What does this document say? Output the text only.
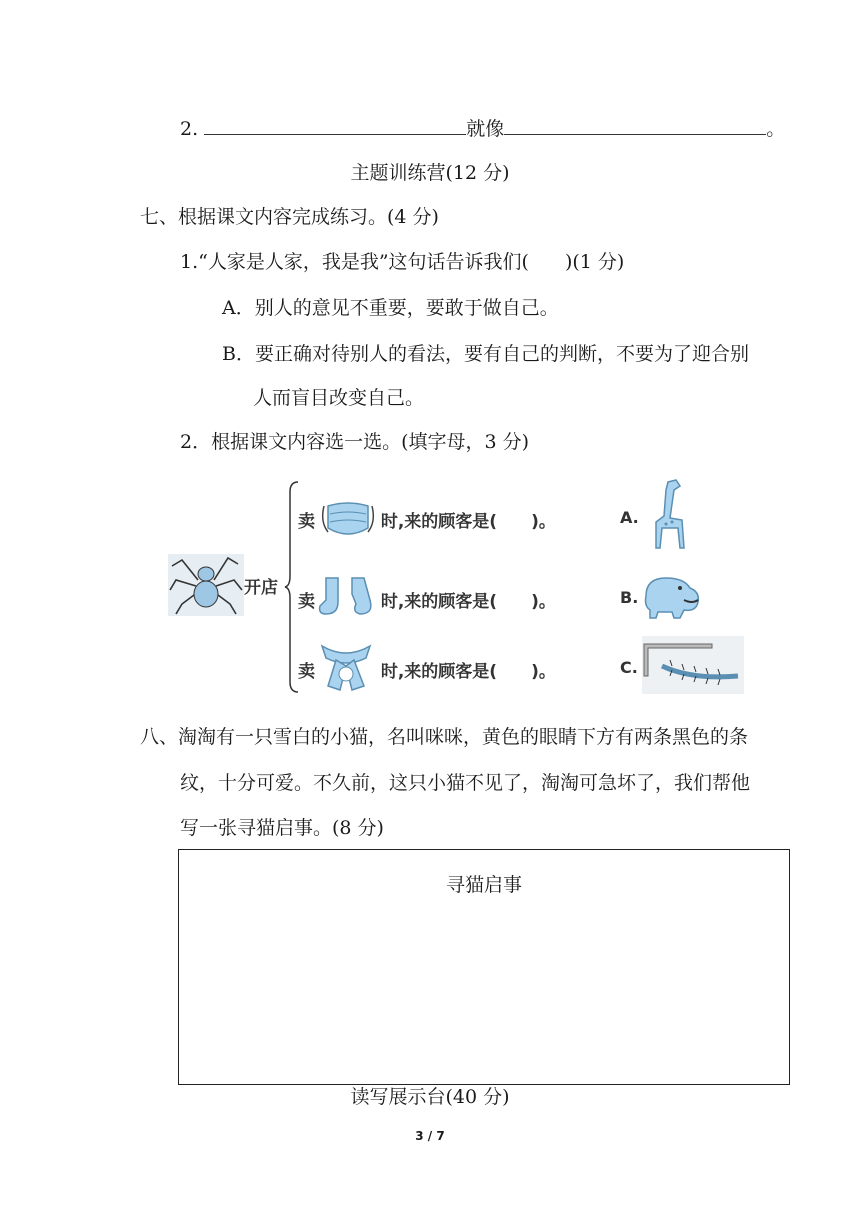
2.	就像	。
主题训练营(12 分)
七、根据课文内容完成练习。(4 分)
1.“人家是人家，我是我”这句话告诉我们( )(1 分)
A．别人的意见不重要，要敢于做自己。
B．要正确对待别人的看法，要有自己的判断，不要为了迎合别
人而盲目改变自己。
2．根据课文内容选一选。(填字母，3 分)
开店
卖	时,来的顾客是( )。
卖	时,来的顾客是( )。
卖	时,来的顾客是( )。
A.
B.
C.
八、淘淘有一只雪白的小猫，名叫咪咪，黄色的眼睛下方有两条黑色的条
纹，十分可爱。不久前，这只小猫不见了，淘淘可急坏了，我们帮他
写一张寻猫启事。(8 分)
寻猫启事
读写展示台(40 分)
3 / 7
